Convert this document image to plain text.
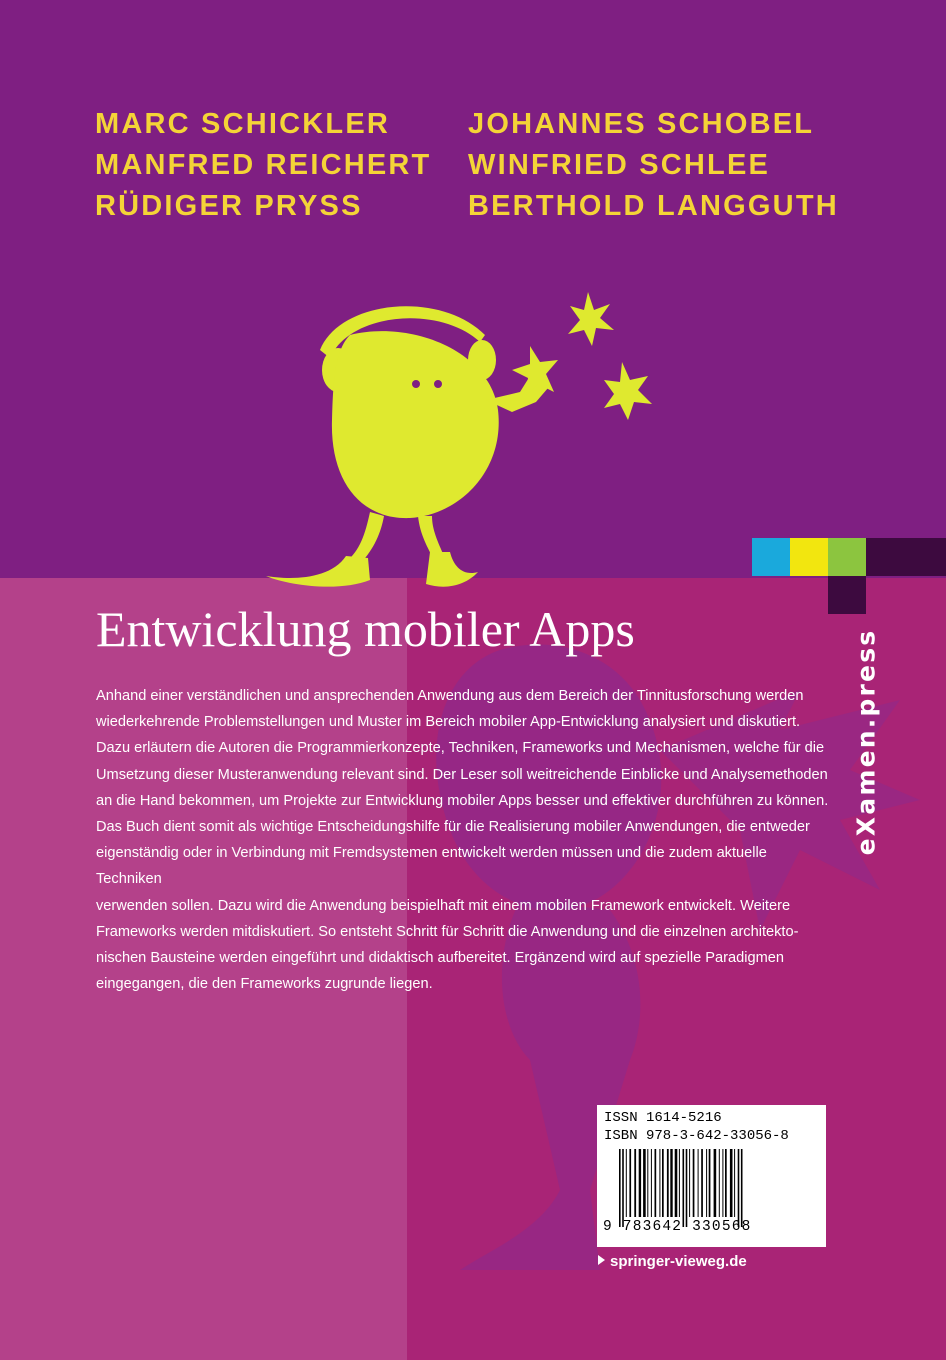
MARC SCHICKLER
MANFRED REICHERT
RÜDIGER PRYSS
JOHANNES SCHOBEL
WINFRIED SCHLEE
BERTHOLD LANGGUTH
eXamen.press
Entwicklung mobiler Apps

Anhand einer verständlichen und ansprechenden Anwendung aus dem Bereich der Tinnitusforschung werden

wiederkehrende Problemstellungen und Muster im Bereich mobiler App-Entwicklung analysiert und diskutiert.

Dazu erläutern die Autoren die Programmierkonzepte, Techniken, Frameworks und Mechanismen, welche für die

Umsetzung dieser Musteranwendung relevant sind. Der Leser soll weitreichende Einblicke und Analysemethoden

an die Hand bekommen, um Projekte zur Entwicklung mobiler Apps besser und effektiver durchführen zu können.

Das Buch dient somit als wichtige Entscheidungshilfe für die Realisierung mobiler Anwendungen, die entweder

eigenständig oder in Verbindung mit Fremdsystemen entwickelt werden müssen und die zudem aktuelle Techniken

verwenden sollen. Dazu wird die Anwendung beispielhaft mit einem mobilen Framework entwickelt. Weitere

Frameworks werden mitdiskutiert. So entsteht Schritt für Schritt die Anwendung und die einzelnen architekto-

nischen Bausteine werden eingeführt und didaktisch aufbereitet. Ergänzend wird auf spezielle Paradigmen

eingegangen, die den Frameworks zugrunde liegen.

ISSN 1614-5216
ISBN 978-3-642-33056-8
9 783642 330568
springer-vieweg.de
